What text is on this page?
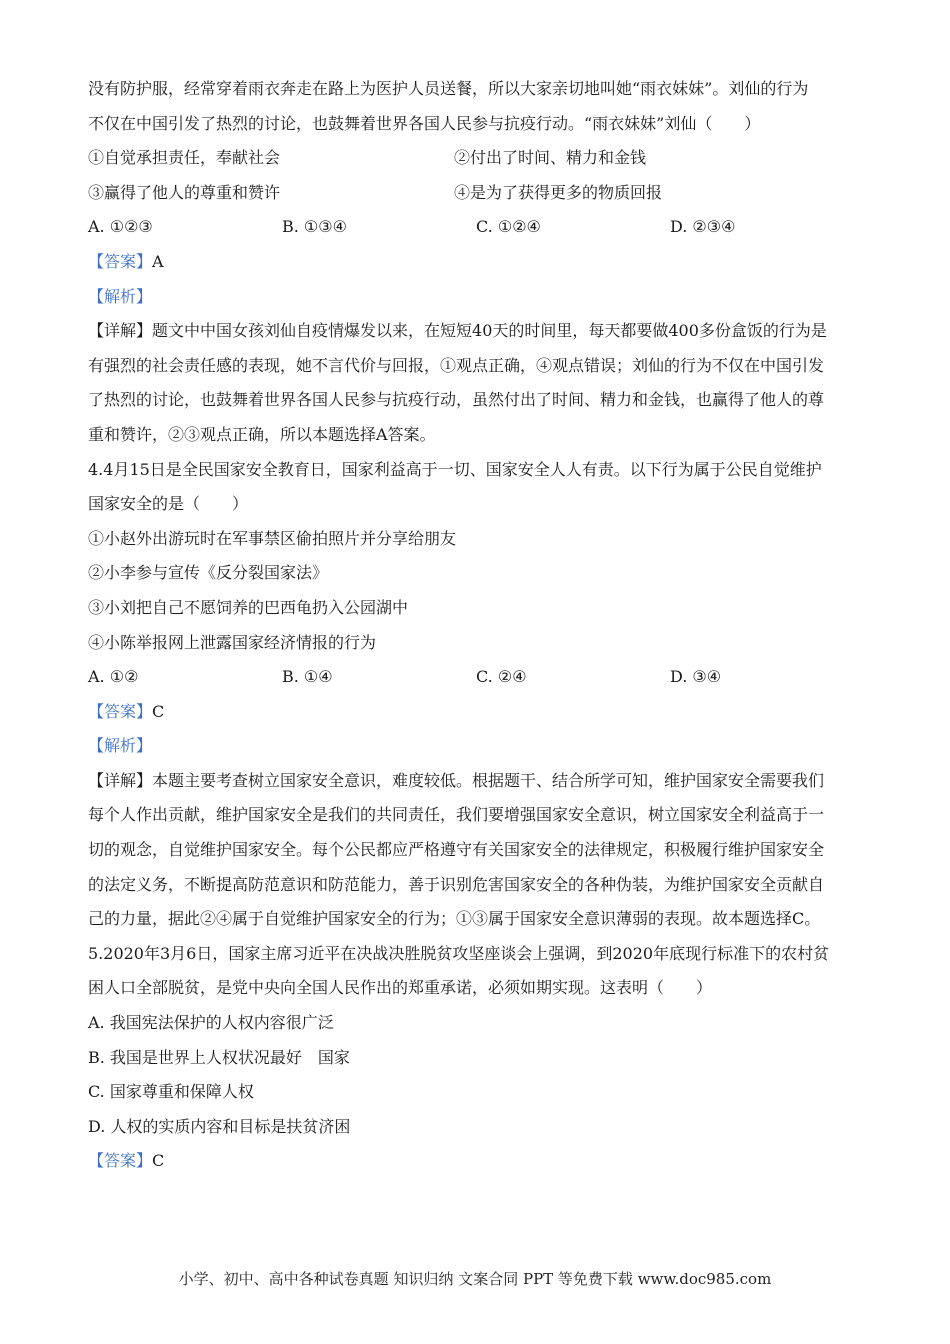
没有防护服，经常穿着雨衣奔走在路上为医护人员送餐，所以大家亲切地叫她“雨衣妹妹”。刘仙的行为
不仅在中国引发了热烈的讨论，也鼓舞着世界各国人民参与抗疫行动。“雨衣妹妹”刘仙（　　）
①自觉承担责任，奉献社会	②付出了时间、精力和金钱
③赢得了他人的尊重和赞许	④是为了获得更多的物质回报
A. ①②③	B. ①③④	C. ①②④	D. ②③④
【答案】A
【解析】
【详解】题文中中国女孩刘仙自疫情爆发以来，在短短40天的时间里，每天都要做400多份盒饭的行为是
有强烈的社会责任感的表现，她不言代价与回报，①观点正确，④观点错误；刘仙的行为不仅在中国引发
了热烈的讨论，也鼓舞着世界各国人民参与抗疫行动，虽然付出了时间、精力和金钱，也赢得了他人的尊
重和赞许，②③观点正确，所以本题选择A答案。
4.4月15日是全民国家安全教育日，国家利益高于一切、国家安全人人有责。以下行为属于公民自觉维护
国家安全的是（　　）
①小赵外出游玩时在军事禁区偷拍照片并分享给朋友
②小李参与宣传《反分裂国家法》
③小刘把自己不愿饲养的巴西龟扔入公园湖中
④小陈举报网上泄露国家经济情报的行为
A. ①②	B. ①④	C. ②④	D. ③④
【答案】C
【解析】
【详解】本题主要考查树立国家安全意识，难度较低。根据题干、结合所学可知，维护国家安全需要我们
每个人作出贡献，维护国家安全是我们的共同责任，我们要增强国家安全意识，树立国家安全利益高于一
切的观念，自觉维护国家安全。每个公民都应严格遵守有关国家安全的法律规定，积极履行维护国家安全
的法定义务，不断提高防范意识和防范能力，善于识别危害国家安全的各种伪装，为维护国家安全贡献自
己的力量，据此②④属于自觉维护国家安全的行为；①③属于国家安全意识薄弱的表现。故本题选择C。
5.2020年3月6日，国家主席习近平在决战决胜脱贫攻坚座谈会上强调，到2020年底现行标准下的农村贫
困人口全部脱贫，是党中央向全国人民作出的郑重承诺，必须如期实现。这表明（　　）
A. 我国宪法保护的人权内容很广泛
B. 我国是世界上人权状况最好　国家
C. 国家尊重和保障人权
D. 人权的实质内容和目标是扶贫济困
【答案】C
小学、初中、高中各种试卷真题 知识归纳 文案合同 PPT 等免费下载 www.doc985.com
